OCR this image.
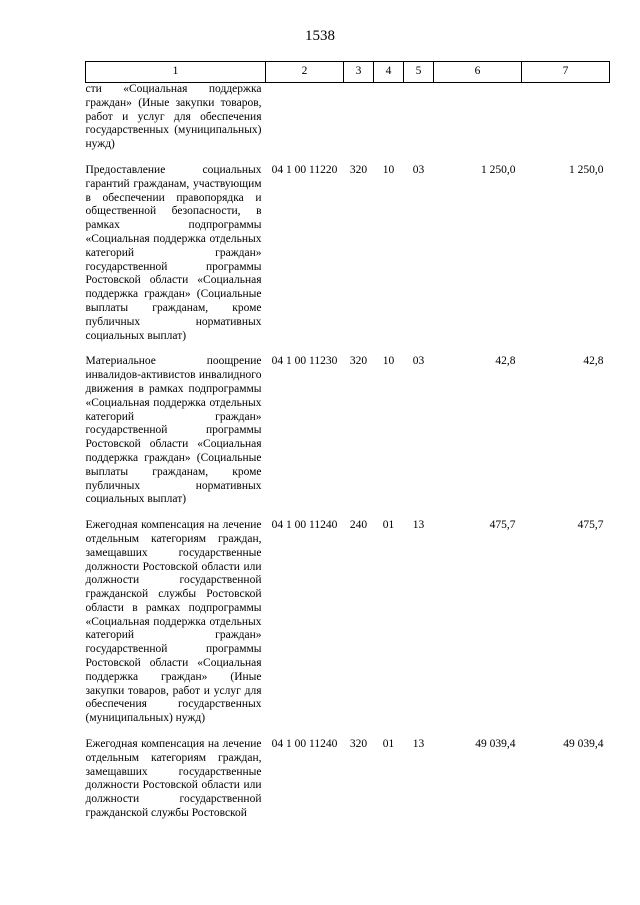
1538
1	2	3	4	5	6	7
сти «Социальная поддержка граждан» (Иные закупки товаров, работ и услуг для обеспечения государственных (муниципальных) нужд)						
Предоставление социальных гарантий гражданам, участвующим в обеспечении правопорядка и общественной безопасности, в рамках подпрограммы «Социальная поддержка отдельных категорий граждан» государственной программы Ростовской области «Социальная поддержка граждан» (Социальные выплаты гражданам, кроме публичных нормативных социальных выплат)	04 1 00 11220	320	10	03	1 250,0	1 250,0
Материальное поощрение инвалидов-активистов инвалидного движения в рамках подпрограммы «Социальная поддержка отдельных категорий граждан» государственной программы Ростовской области «Социальная поддержка граждан» (Социальные выплаты гражданам, кроме публичных нормативных социальных выплат)	04 1 00 11230	320	10	03	42,8	42,8
Ежегодная компенсация на лечение отдельным категориям граждан, замещавших государственные должности Ростовской области или должности государственной гражданской службы Ростовской области в рамках подпрограммы «Социальная поддержка отдельных категорий граждан» государственной программы Ростовской области «Социальная поддержка граждан» (Иные закупки товаров, работ и услуг для обеспечения государственных (муниципальных) нужд)	04 1 00 11240	240	01	13	475,7	475,7
Ежегодная компенсация на лечение отдельным категориям граждан, замещавших государственные должности Ростовской области или должности государственной гражданской службы Ростовской	04 1 00 11240	320	01	13	49 039,4	49 039,4
